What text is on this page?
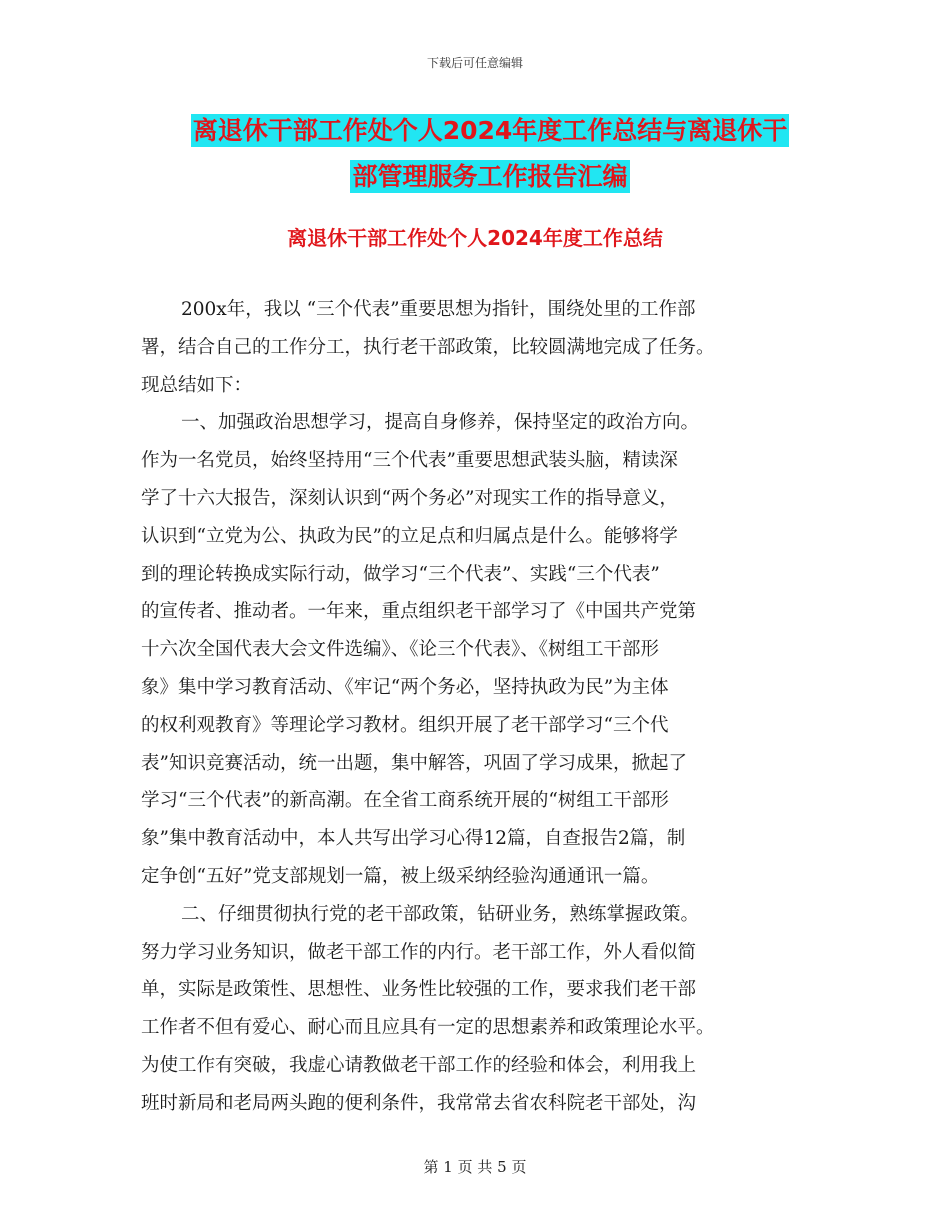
下载后可任意编辑
离退休干部工作处个人2024年度工作总结与离退休干
部管理服务工作报告汇编
离退休干部工作处个人2024年度工作总结
200x年，我以 “三个代表”重要思想为指针，围绕处里的工作部
署，结合自己的工作分工，执行老干部政策，比较圆满地完成了任务。
现总结如下：
一、加强政治思想学习，提高自身修养，保持坚定的政治方向。
作为一名党员，始终坚持用“三个代表”重要思想武装头脑，精读深
学了十六大报告，深刻认识到“两个务必”对现实工作的指导意义，
认识到“立党为公、执政为民”的立足点和归属点是什么。能够将学
到的理论转换成实际行动，做学习“三个代表”、实践“三个代表”
的宣传者、推动者。一年来，重点组织老干部学习了《中国共产党第
十六次全国代表大会文件选编》、《论三个代表》、《树组工干部形
象》集中学习教育活动、《牢记“两个务必，坚持执政为民”为主体
的权利观教育》等理论学习教材。组织开展了老干部学习“三个代
表”知识竞赛活动，统一出题，集中解答，巩固了学习成果，掀起了
学习“三个代表”的新高潮。在全省工商系统开展的“树组工干部形
象”集中教育活动中，本人共写出学习心得12篇，自查报告2篇，制
定争创“五好”党支部规划一篇，被上级采纳经验沟通通讯一篇。
二、仔细贯彻执行党的老干部政策，钻研业务，熟练掌握政策。
努力学习业务知识，做老干部工作的内行。老干部工作，外人看似简
单，实际是政策性、思想性、业务性比较强的工作，要求我们老干部
工作者不但有爱心、耐心而且应具有一定的思想素养和政策理论水平。
为使工作有突破，我虚心请教做老干部工作的经验和体会，利用我上
班时新局和老局两头跑的便利条件，我常常去省农科院老干部处，沟
第 1 页 共 5 页
